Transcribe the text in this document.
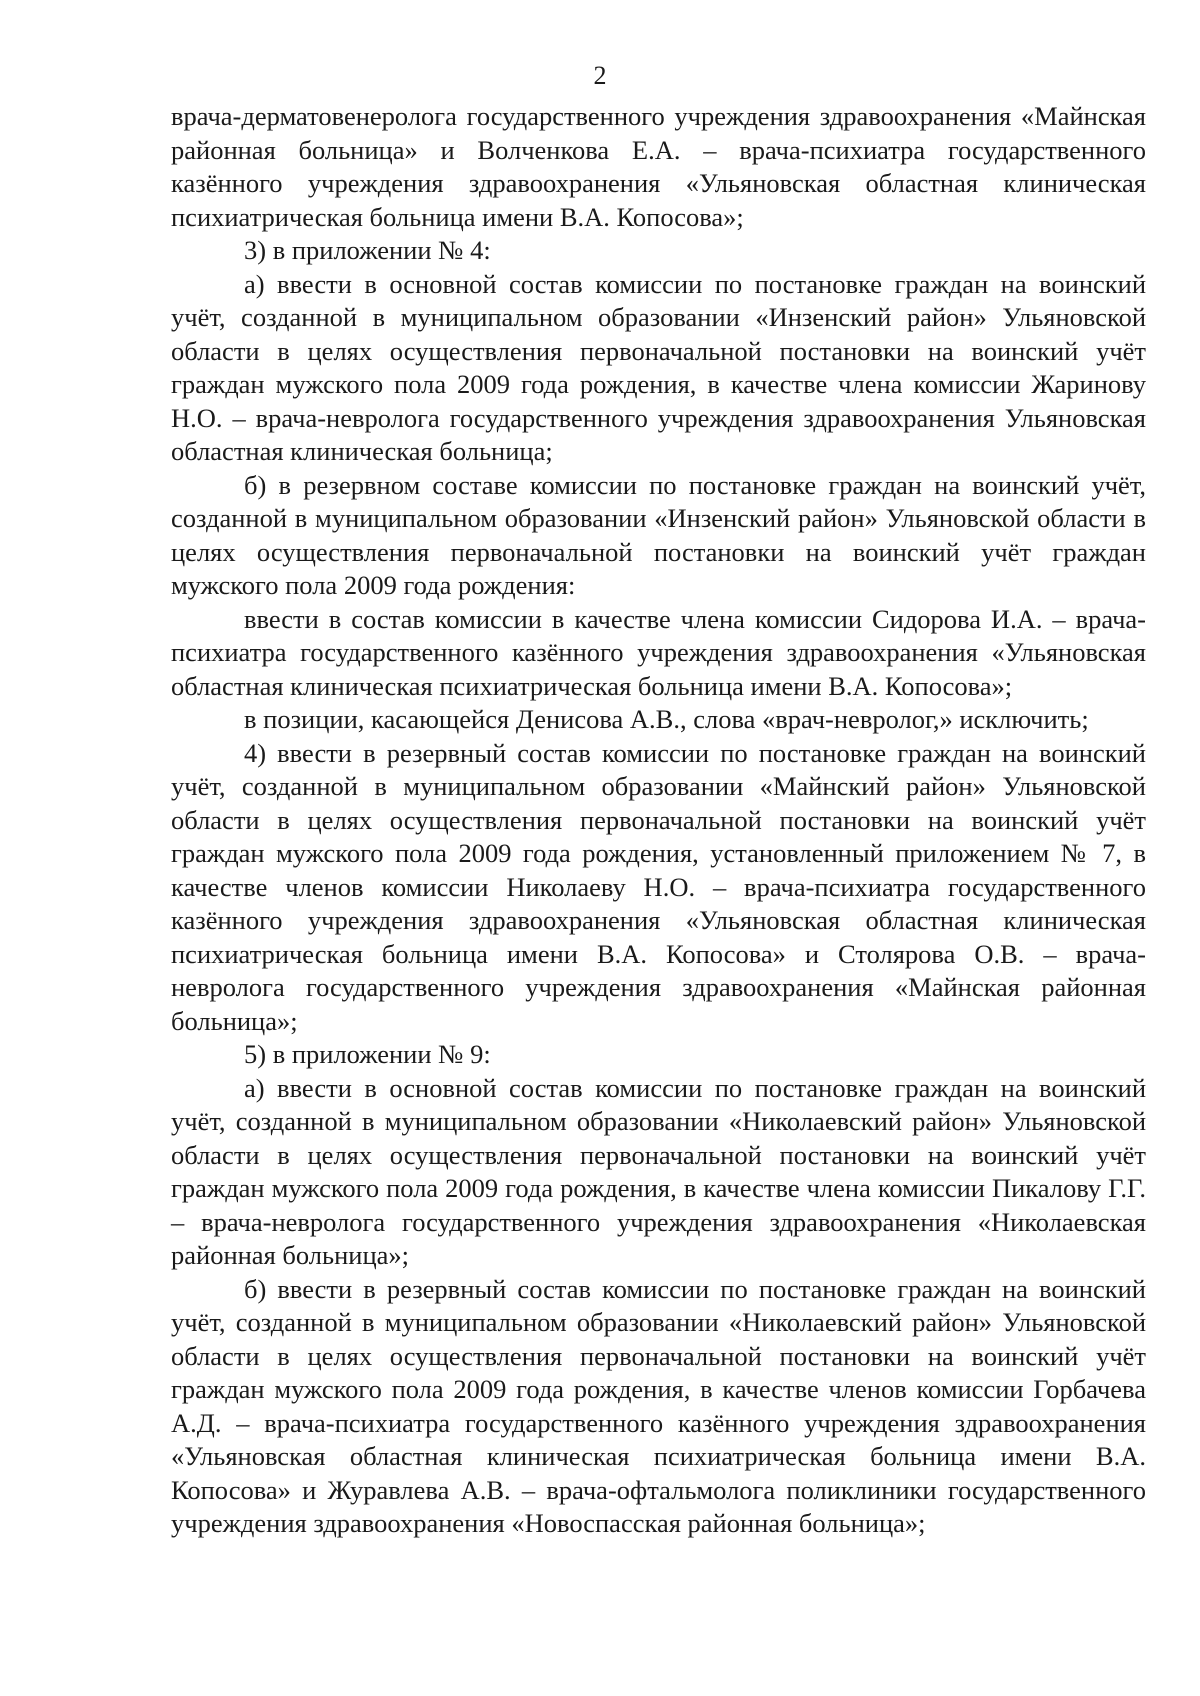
2

врача-дерматовенеролога государственного учреждения здравоохранения «Майнская районная больница» и Волченкова Е.А. – врача-психиатра государственного казённого учреждения здравоохранения «Ульяновская областная клиническая психиатрическая больница имени В.А. Копосова»;

3) в приложении № 4:

а) ввести в основной состав комиссии по постановке граждан на воинский учёт, созданной в муниципальном образовании «Инзенский район» Ульяновской области в целях осуществления первоначальной постановки на воинский учёт граждан мужского пола 2009 года рождения, в качестве члена комиссии Жаринову Н.О. – врача-невролога государственного учреждения здравоохранения Ульяновская областная клиническая больница;

б) в резервном составе комиссии по постановке граждан на воинский учёт, созданной в муниципальном образовании «Инзенский район» Ульяновской области в целях осуществления первоначальной постановки на воинский учёт граждан мужского пола 2009 года рождения:

ввести в состав комиссии в качестве члена комиссии Сидорова И.А. – врача-психиатра государственного казённого учреждения здравоохранения «Ульяновская областная клиническая психиатрическая больница имени В.А. Копосова»;

в позиции, касающейся Денисова А.В., слова «врач-невролог,» исключить;

4) ввести в резервный состав комиссии по постановке граждан на воинский учёт, созданной в муниципальном образовании «Майнский район» Ульяновской области в целях осуществления первоначальной постановки на воинский учёт граждан мужского пола 2009 года рождения, установленный приложением № 7, в качестве членов комиссии Николаеву Н.О. – врача-психиатра государственного казённого учреждения здравоохранения «Ульяновская областная клиническая психиатрическая больница имени В.А. Копосова» и Столярова О.В. – врача-невролога государственного учреждения здравоохранения «Майнская районная больница»;

5) в приложении № 9:

а) ввести в основной состав комиссии по постановке граждан на воинский учёт, созданной в муниципальном образовании «Николаевский район» Ульяновской области в целях осуществления первоначальной постановки на воинский учёт граждан мужского пола 2009 года рождения, в качестве члена комиссии Пикалову Г.Г. – врача-невролога государственного учреждения здравоохранения «Николаевская районная больница»;

б) ввести в резервный состав комиссии по постановке граждан на воинский учёт, созданной в муниципальном образовании «Николаевский район» Ульяновской области в целях осуществления первоначальной постановки на воинский учёт граждан мужского пола 2009 года рождения, в качестве членов комиссии Горбачева А.Д. – врача-психиатра государственного казённого учреждения здравоохранения «Ульяновская областная клиническая психиатрическая больница имени В.А. Копосова» и Журавлева А.В. – врача-офтальмолога поликлиники государственного учреждения здравоохранения «Новоспасская районная больница»;
